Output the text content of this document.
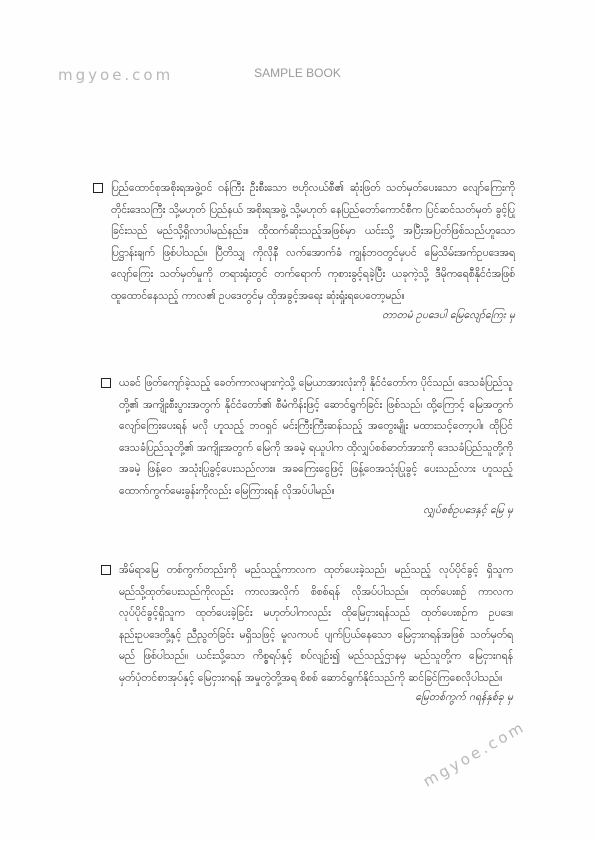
mgyoe.com	SAMPLE BOOK

ပြည်ထောင်စုအစိုးရအဖွဲ့ဝင် ဝန်ကြီး ဦးစီးသော ဗဟိုလယ်စီ၏ ဆုံးဖြတ် သတ်မှတ်ပေးသော လျော်ကြေးကို တိုင်းဒေသကြီး သို့မဟုတ် ပြည်နယ် အစိုးရအဖွဲ့ သို့မဟုတ် နေပြည်တော်ကောင်စီက ပြင်ဆင်သတ်မှတ် ခွင့်ပြုခြင်းသည် မည်သို့ရှိလာပါမည်နည်း။ ထိုထက်ဆိုးသည့်အဖြစ်မှာ ယင်းသို့ အပြီးအပြတ်ဖြစ်သည်ဟူသော ပြဋ္ဌာန်းချက် ဖြစ်ပါသည်။ ပြီတိသျှ ကိုလိုနီ လက်အောက်ခံ ကျွန်ဘဝတွင်မှပင် မြေသိမ်းအက်ဥပဒေအရ လျော်ကြေး သတ်မှတ်မှုကို တရားရုံးတွင် တက်ရောက် ကုစားခွင့်ရခဲ့ပြီး ယခုကဲ့သို့ ဒီမိုကရေစီနိုင်ငံအဖြစ် ထူထောင်နေသည့် ကာလ၏ ဥပဒေတွင်မှ ထိုအခွင့်အရေး ဆုံးရှုံးရပေတော့မည်။

တာတမံ ဥပဒေပါ မြေလျော်ကြေး မှ

ယခင် ဖြတ်ကျော်ခဲ့သည့် ခေတ်ကာလများကဲ့သို့ မြေယာအားလုံးကို နိုင်ငံတော်က ပိုင်သည်၊ ဒေသခံပြည်သူတို့၏ အကျိုးစီးပွားအတွက် နိုင်ငံတော်၏ စီမံကိန်းဖြင့် ဆောင်ရွက်ခြင်း ဖြစ်သည်၊ ထို့ကြောင့် မြေအတွက် လျော်ကြေးပေးရန် မလို ဟူသည့် ဘဝရှင် မင်းကြီးကြီးဆန်သည့် အတွေးမျိုး မထားသင့်တော့ပါ။ ထိုပြင် ဒေသခံပြည်သူတို့၏ အကျိုးအတွက် မြေကို အခမဲ့ ရယူပါက ထိုလျှပ်စစ်ဓာတ်အားကို ဒေသခံပြည်သူတို့ကို အခမဲ့ ဖြန့်ဝေ အသုံးပြုခွင့်ပေးသည်လား။ အခကြေးငွေဖြင့် ဖြန့်ဝေအသုံးပြုခွင့် ပေးသည်လား ဟူသည့် ထောက်ကွက်မေးခွန်းကိုလည်း မြေကြားရန် လိုအပ်ပါမည်။

လျှပ်စစ်ဥပဒေနှင့် မြေ မှ

အိမ်ရာမြေ တစ်ကွက်တည်းကို မည်သည့်ကာလက ထုတ်ပေးခဲ့သည်၊ မည်သည့် လုပ်ပိုင်ခွင့် ရှိသူက မည်သို့ထုတ်ပေးသည်ကိုလည်း ကာလအလိုက် စိစစ်ရန် လိုအပ်ပါသည်။ ထုတ်ပေးစဉ် ကာလက လုပ်ပိုင်ခွင့်ရှိသူက ထုတ်ပေးခဲ့ခြင်း မဟုတ်ပါကလည်း ထိုမြေငှားရန်သည် ထုတ်ပေးစဉ်က ဥပဒေ၊ နည်းဥပဒေတို့နှင့် ညီညွတ်ခြင်း မရှိသဖြင့် မူလကပင် ပျက်ပြယ်နေသော မြေငှားဂရန်အဖြစ် သတ်မှတ်ရမည် ဖြစ်ပါသည်။ ယင်းသို့သော ကိစ္စရပ်နှင့် စပ်လျဉ်း၍ မည်သည့်ဌာနမှ မည်သူတို့က မြေငှားဂရန် မှတ်ပုံတင်စာအုပ်နှင့် မြေငှားဂရန် အမှုတွဲတို့အရ စိစစ် ဆောင်ရွက်နိုင်သည်ကို ဆင်ခြင်ကြစေလိုပါသည်။

မြေတစ်ကွက် ဂရန်နှစ်ခု မှ
mgyoe.com
